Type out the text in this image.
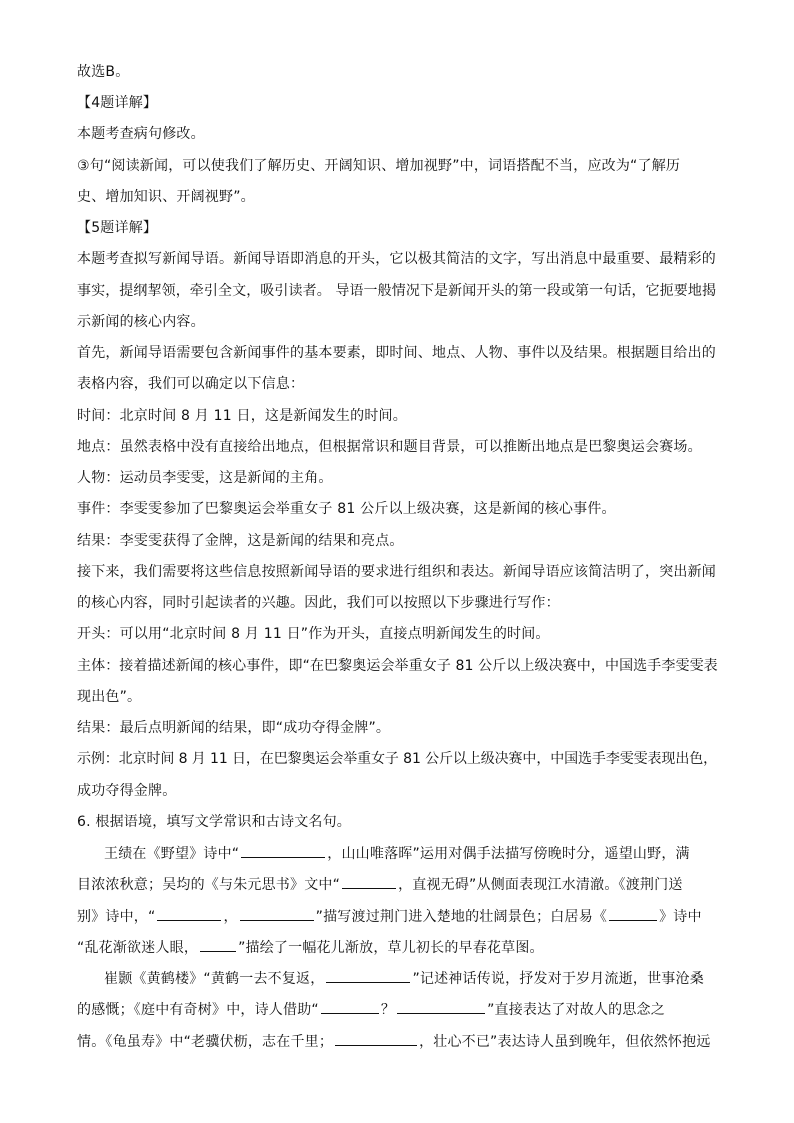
故选B。
【4题详解】
本题考查病句修改。
③句“阅读新闻，可以使我们了解历史、开阔知识、增加视野”中，词语搭配不当，应改为“了解历
史、增加知识、开阔视野”。
【5题详解】
本题考查拟写新闻导语。新闻导语即消息的开头，它以极其简洁的文字，写出消息中最重要、最精彩的
事实，提纲挈领，牵引全文，吸引读者。 导语一般情况下是新闻开头的第一段或第一句话，它扼要地揭
示新闻的核心内容。
首先，新闻导语需要包含新闻事件的基本要素，即时间、地点、人物、事件以及结果。根据题目给出的
表格内容，我们可以确定以下信息：
时间：北京时间 8 月 11 日，这是新闻发生的时间。
地点：虽然表格中没有直接给出地点，但根据常识和题目背景，可以推断出地点是巴黎奥运会赛场。
人物：运动员李雯雯，这是新闻的主角。
事件：李雯雯参加了巴黎奥运会举重女子 81 公斤以上级决赛，这是新闻的核心事件。
结果：李雯雯获得了金牌，这是新闻的结果和亮点。
接下来，我们需要将这些信息按照新闻导语的要求进行组织和表达。新闻导语应该简洁明了，突出新闻
的核心内容，同时引起读者的兴趣。因此，我们可以按照以下步骤进行写作：
开头：可以用“北京时间 8 月 11 日”作为开头，直接点明新闻发生的时间。
主体：接着描述新闻的核心事件，即“在巴黎奥运会举重女子 81 公斤以上级决赛中，中国选手李雯雯表
现出色”。
结果：最后点明新闻的结果，即“成功夺得金牌”。
示例：北京时间 8 月 11 日，在巴黎奥运会举重女子 81 公斤以上级决赛中，中国选手李雯雯表现出色，
成功夺得金牌。
6. 根据语境，填写文学常识和古诗文名句。
王绩在《野望》诗中“	，山山唯落晖”运用对偶手法描写傍晚时分，遥望山野，满
目浓浓秋意；吴均的《与朱元思书》文中“	，直视无碍”从侧面表现江水清澈。《渡荆门送
别》诗中，“	，	”描写渡过荆门进入楚地的壮阔景色；白居易《	》诗中
“乱花渐欲迷人眼，	”描绘了一幅花儿渐放，草儿初长的早春花草图。
崔颢《黄鹤楼》“黄鹤一去不复返，	”记述神话传说，抒发对于岁月流逝，世事沧桑
的感慨；《庭中有奇树》中，诗人借助“	？	”直接表达了对故人的思念之
情。《龟虽寿》中“老骥伏枥，志在千里；	，壮心不已”表达诗人虽到晚年，但依然怀抱远
